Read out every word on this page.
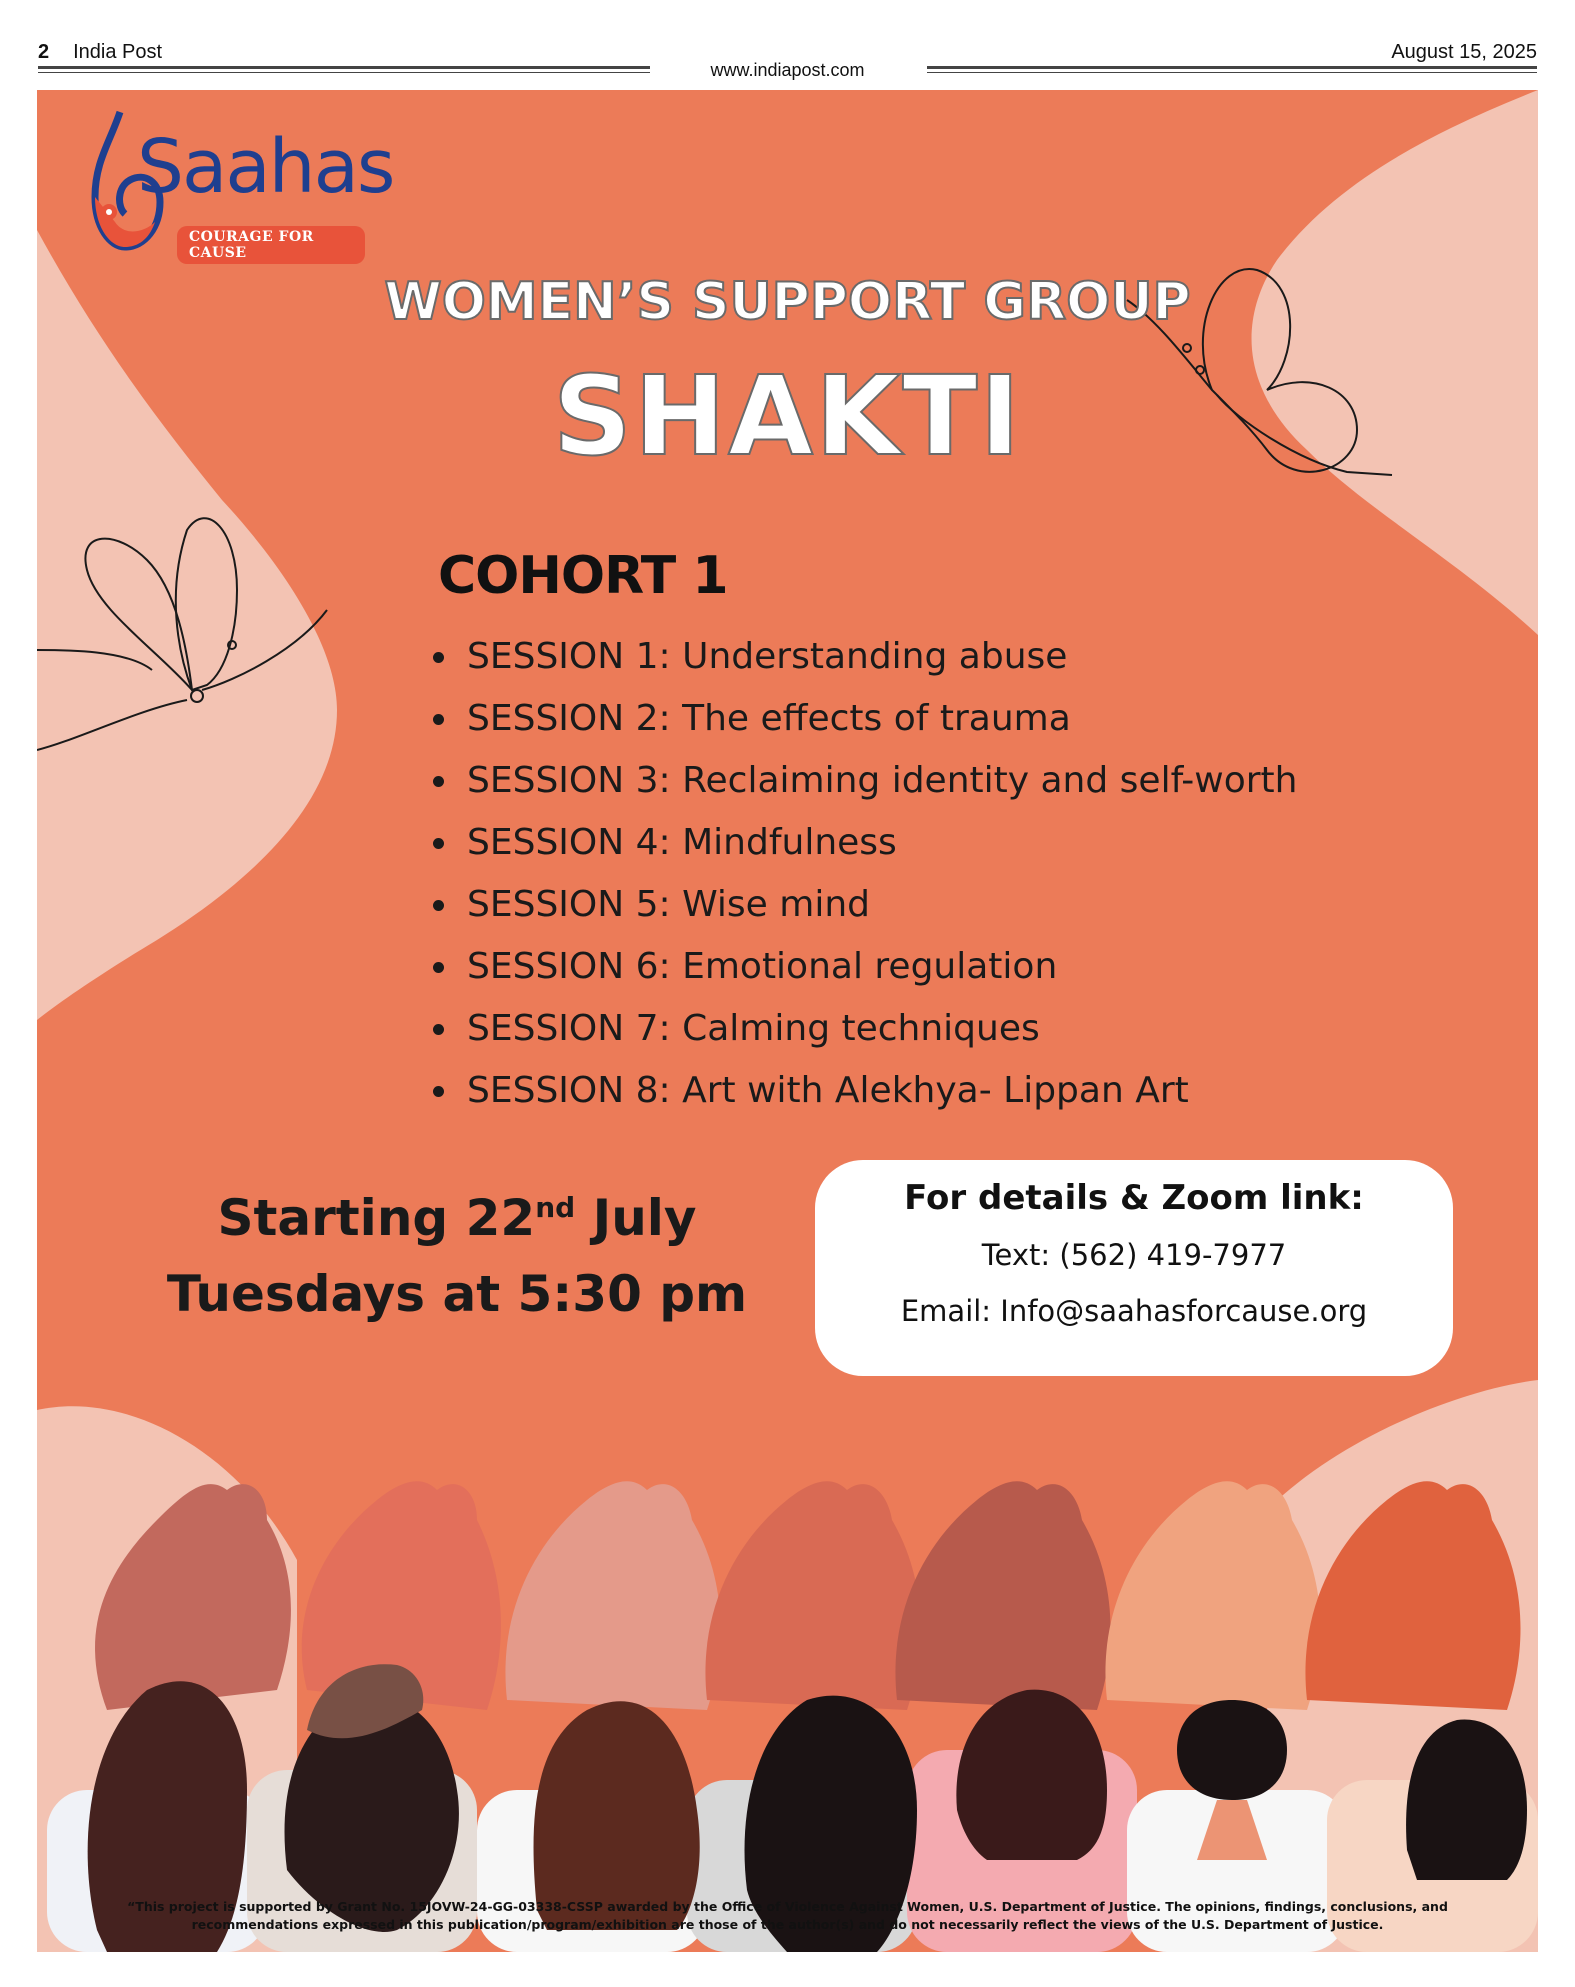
2 India Post
www.indiapost.com
August 15, 2025
Saahas
COURAGE FOR CAUSE
WOMEN’S SUPPORT GROUP
SHAKTI
COHORT 1
SESSION 1: Understanding abuse
SESSION 2: The effects of trauma
SESSION 3: Reclaiming identity and self-worth
SESSION 4: Mindfulness
SESSION 5: Wise mind
SESSION 6: Emotional regulation
SESSION 7: Calming techniques
SESSION 8: Art with Alekhya- Lippan Art
Starting 22nd July
Tuesdays at 5:30 pm
For details & Zoom link:
Text: (562) 419-7977
Email: Info@saahasforcause.org
“This project is supported by Grant No. 15JOVW-24-GG-03338-CSSP awarded by the Office of Violence Against Women, U.S. Department of Justice. The opinions, findings, conclusions, and
recommendations expressed in this publication/program/exhibition are those of the author(s) and do not necessarily reflect the views of the U.S. Department of Justice.
